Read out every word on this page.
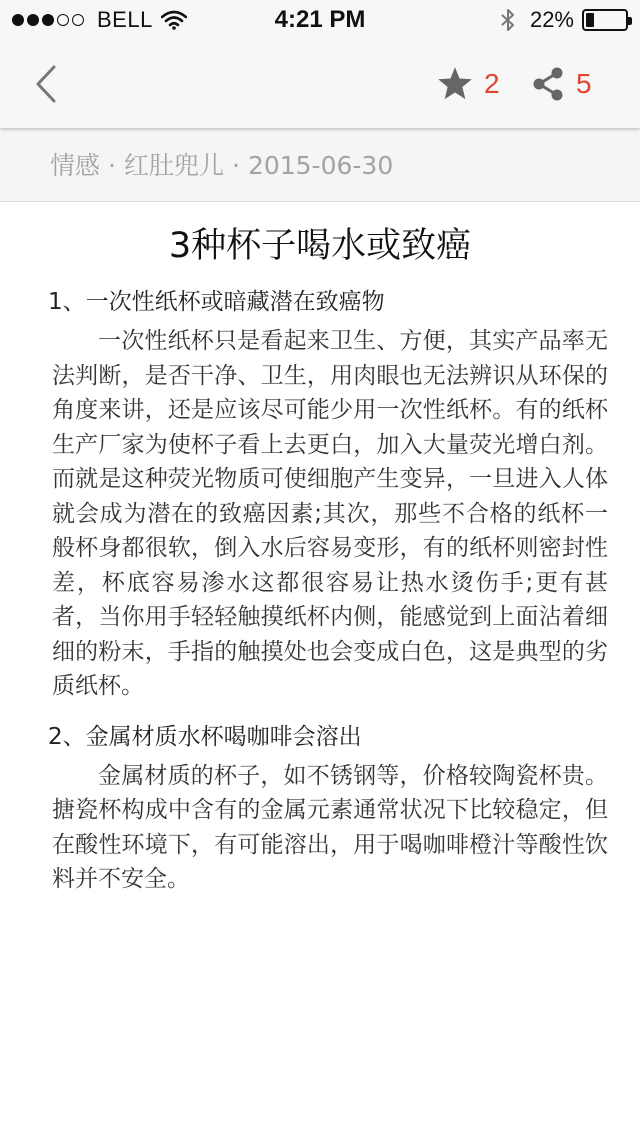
BELL	4:21 PM	22%
2	5
情感 · 红肚兜儿 · 2015-06-30
3种杯子喝水或致癌
1、一次性纸杯或暗藏潜在致癌物

一次性纸杯只是看起来卫生、方便，其实产品率无法判断，是否干净、卫生，用肉眼也无法辨识从环保的角度来讲，还是应该尽可能少用一次性纸杯。有的纸杯生产厂家为使杯子看上去更白，加入大量荧光增白剂。而就是这种荧光物质可使细胞产生变异，一旦进入人体就会成为潜在的致癌因素;其次，那些不合格的纸杯一般杯身都很软，倒入水后容易变形，有的纸杯则密封性差，杯底容易渗水这都很容易让热水烫伤手;更有甚者，当你用手轻轻触摸纸杯内侧，能感觉到上面沾着细细的粉末，手指的触摸处也会变成白色，这是典型的劣质纸杯。

2、金属材质水杯喝咖啡会溶出

金属材质的杯子，如不锈钢等，价格较陶瓷杯贵。搪瓷杯构成中含有的金属元素通常状况下比较稳定，但在酸性环境下，有可能溶出，用于喝咖啡橙汁等酸性饮料并不安全。
